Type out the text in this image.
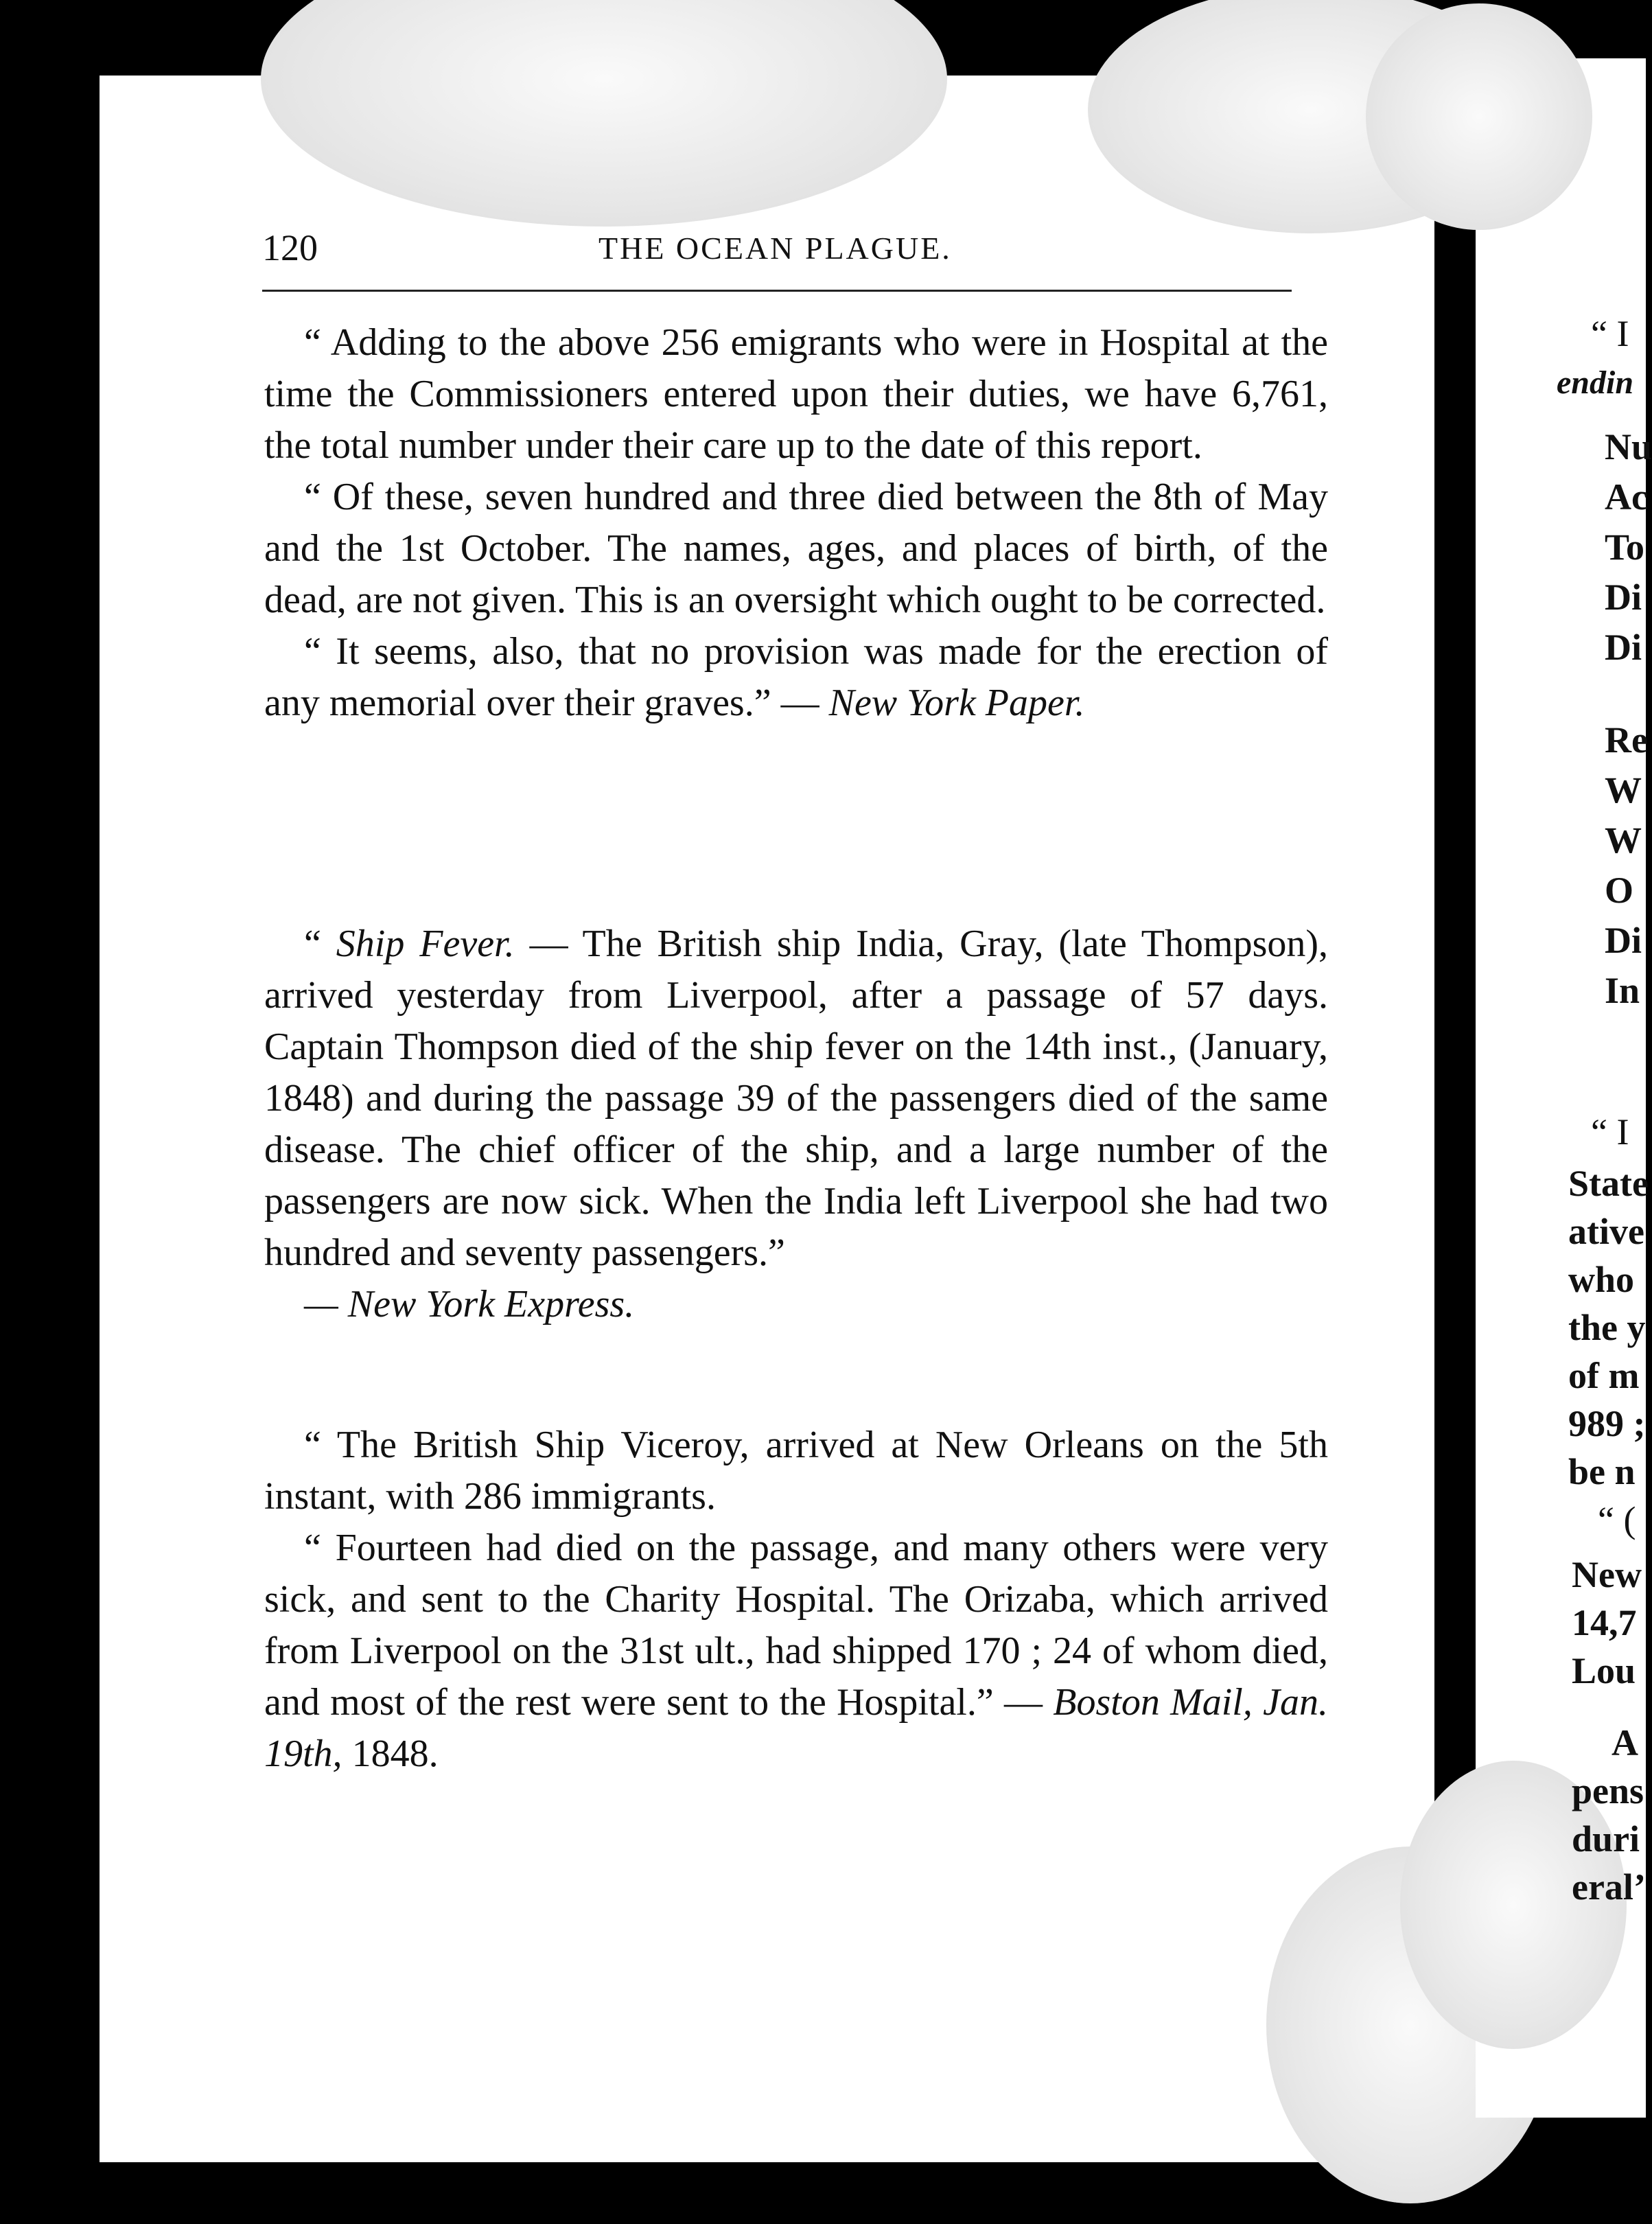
120	THE OCEAN PLAGUE.

“ Adding to the above 256 emigrants who were in Hospital at the time the Commissioners entered upon their duties, we have 6,761, the total number under their care up to the date of this report.

“ Of these, seven hundred and three died between the 8th of May and the 1st October. The names, ages, and places of birth, of the dead, are not given. This is an oversight which ought to be corrected.

“ It seems, also, that no provision was made for the erection of any memorial over their graves.” — New York Paper.

“ Ship Fever. — The British ship India, Gray, (late Thompson), arrived yesterday from Liverpool, after a passage of 57 days. Captain Thompson died of the ship fever on the 14th inst., (January, 1848) and during the passage 39 of the passengers died of the same disease. The chief officer of the ship, and a large number of the passengers are now sick. When the India left Liverpool she had two hundred and seventy passengers.”

— New York Express.

“ The British Ship Viceroy, arrived at New Orleans on the 5th instant, with 286 immigrants.

“ Fourteen had died on the passage, and many others were very sick, and sent to the Charity Hospital. The Orizaba, which arrived from Liverpool on the 31st ult., had shipped 170 ; 24 of whom died, and most of the rest were sent to the Hospital.” — Boston Mail, Jan. 19th, 1848.

“ I
endin
Nu
Ac
To
Di
Di
Re
W
W
O
Di
In
“ I
State
ative
who
the y
of m
989 ;
be n
“ (
New
14,7
Lou
A
pens
duri
eral’
